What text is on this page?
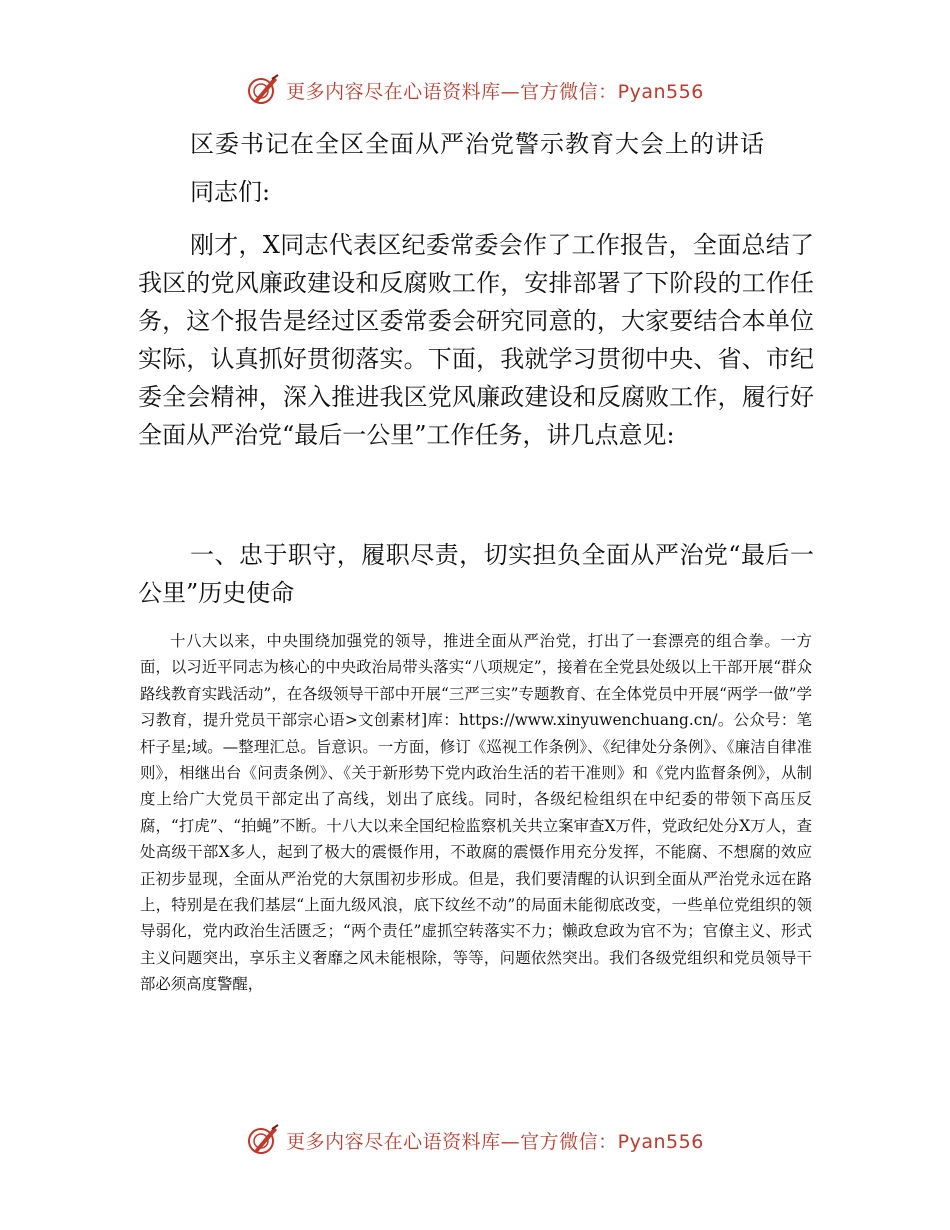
更多内容尽在心语资料库—官方微信：Pyan556
区委书记在全区全面从严治党警示教育大会上的讲话
同志们:
刚才，X同志代表区纪委常委会作了工作报告，全面总结了我区的党风廉政建设和反腐败工作，安排部署了下阶段的工作任务，这个报告是经过区委常委会研究同意的，大家要结合本单位实际，认真抓好贯彻落实。下面，我就学习贯彻中央、省、市纪委全会精神，深入推进我区党风廉政建设和反腐败工作，履行好全面从严治党“最后一公里”工作任务，讲几点意见:
一、忠于职守，履职尽责，切实担负全面从严治党“最后一公里”历史使命
十八大以来，中央围绕加强党的领导，推进全面从严治党，打出了一套漂亮的组合拳。一方面，以习近平同志为核心的中央政治局带头落实“八项规定”，接着在全党县处级以上干部开展“群众路线教育实践活动”，在各级领导干部中开展“三严三实”专题教育、在全体党员中开展“两学一做”学习教育，提升党员干部宗心语>文创素材]库：https://www.xinyuwenchuang.cn/。公众号：笔杆子星;域。—整理汇总。旨意识。一方面，修订《巡视工作条例》、《纪律处分条例》、《廉洁自律准则》，相继出台《问责条例》、《关于新形势下党内政治生活的若干准则》和《党内监督条例》，从制度上给广大党员干部定出了高线，划出了底线。同时，各级纪检组织在中纪委的带领下高压反腐，“打虎”、“拍蝇”不断。十八大以来全国纪检监察机关共立案审查X万件，党政纪处分X万人，查处高级干部X多人，起到了极大的震慑作用，不敢腐的震慑作用充分发挥，不能腐、不想腐的效应正初步显现，全面从严治党的大氛围初步形成。但是，我们要清醒的认识到全面从严治党永远在路上，特别是在我们基层“上面九级风浪，底下纹丝不动”的局面未能彻底改变，一些单位党组织的领导弱化，党内政治生活匮乏；“两个责任”虚抓空转落实不力；懒政怠政为官不为；官僚主义、形式主义问题突出，享乐主义奢靡之风未能根除，等等，问题依然突出。我们各级党组织和党员领导干部必须高度警醒，
更多内容尽在心语资料库—官方微信：Pyan556
